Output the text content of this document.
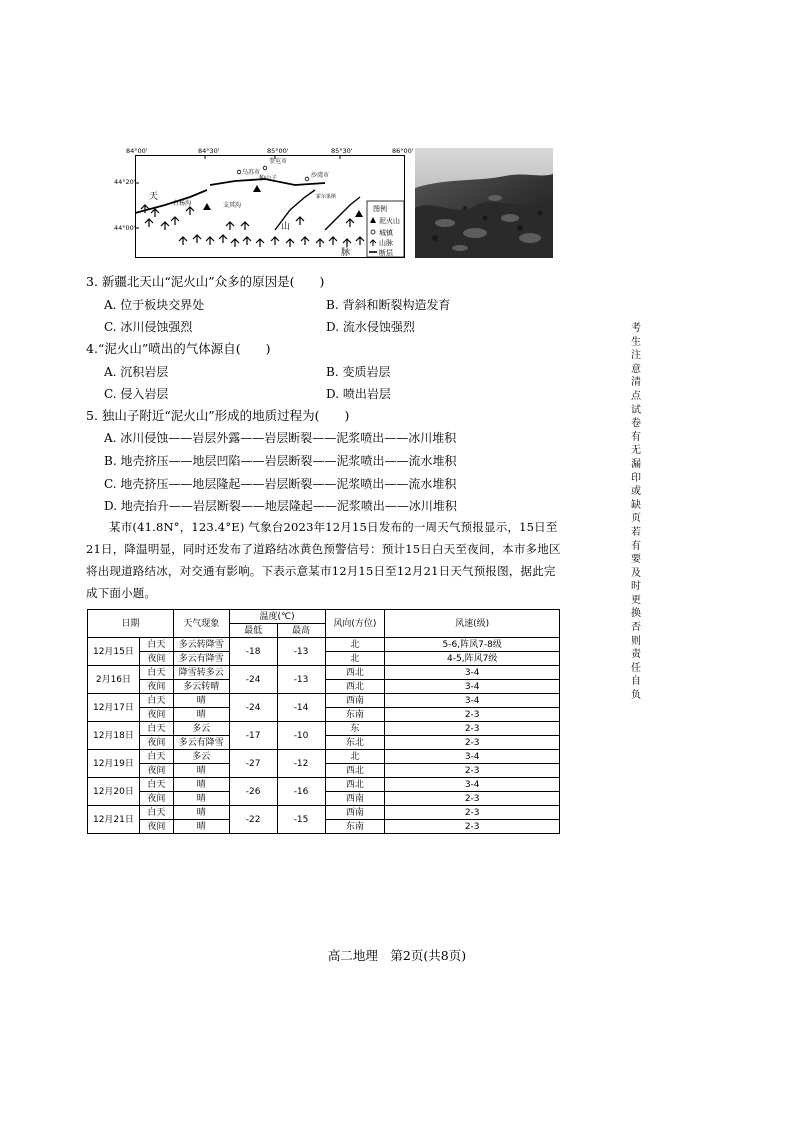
84°00'	84°30'	85°00'	85°30'	86°00'
44°20'
44°00'
奎屯市
乌苏市
独山子	沙湾市
白杨沟	支其沟
霍尔果斯
天
山
脉
图例
泥火山
城镇
山脉
断层
3. 新疆北天山“泥火山”众多的原因是(　　)
A. 位于板块交界处	B. 背斜和断裂构造发育
C. 冰川侵蚀强烈	D. 流水侵蚀强烈
4.“泥火山”喷出的气体源自(　　)
A. 沉积岩层	B. 变质岩层
C. 侵入岩层	D. 喷出岩层
5. 独山子附近“泥火山”形成的地质过程为(　　)
A. 冰川侵蚀——岩层外露——岩层断裂——泥浆喷出——冰川堆积
B. 地壳挤压——地层凹陷——岩层断裂——泥浆喷出——流水堆积
C. 地壳挤压——地层隆起——岩层断裂——泥浆喷出——流水堆积
D. 地壳抬升——岩层断裂——地层隆起——泥浆喷出——冰川堆积
某市(41.8N°，123.4°E) 气象台2023年12月15日发布的一周天气预报显示，15日至21日，降温明显，同时还发布了道路结冰黄色预警信号：预计15日白天至夜间，本市多地区将出现道路结冰，对交通有影响。下表示意某市12月15日至12月21日天气预报图，据此完成下面小题。
日期		天气现象	温度(℃)		风向(方位)	风速(级)
			最低	最高		
12月15日	白天	多云转降雪	-18	-13	北	5-6,阵风7-8级
	夜间	多云有降雪			北	4-5,阵风7级
2月16日	白天	降雪转多云	-24	-13	西北	3-4
	夜间	多云转晴			西北	3-4
12月17日	白天	晴	-24	-14	西南	3-4
	夜间	晴			东南	2-3
12月18日	白天	多云	-17	-10	东	2-3
	夜间	多云有降雪			东北	2-3
12月19日	白天	多云	-27	-12	北	3-4
	夜间	晴			西北	2-3
12月20日	白天	晴	-26	-16	西北	3-4
	夜间	晴			西南	2-3
12月21日	白天	晴	-22	-15	西南	2-3
	夜间	晴			东南	2-3
考生注意清点试卷有无漏印或缺页若有要及时更换否则责任自负
高二地理　第2页(共8页)
